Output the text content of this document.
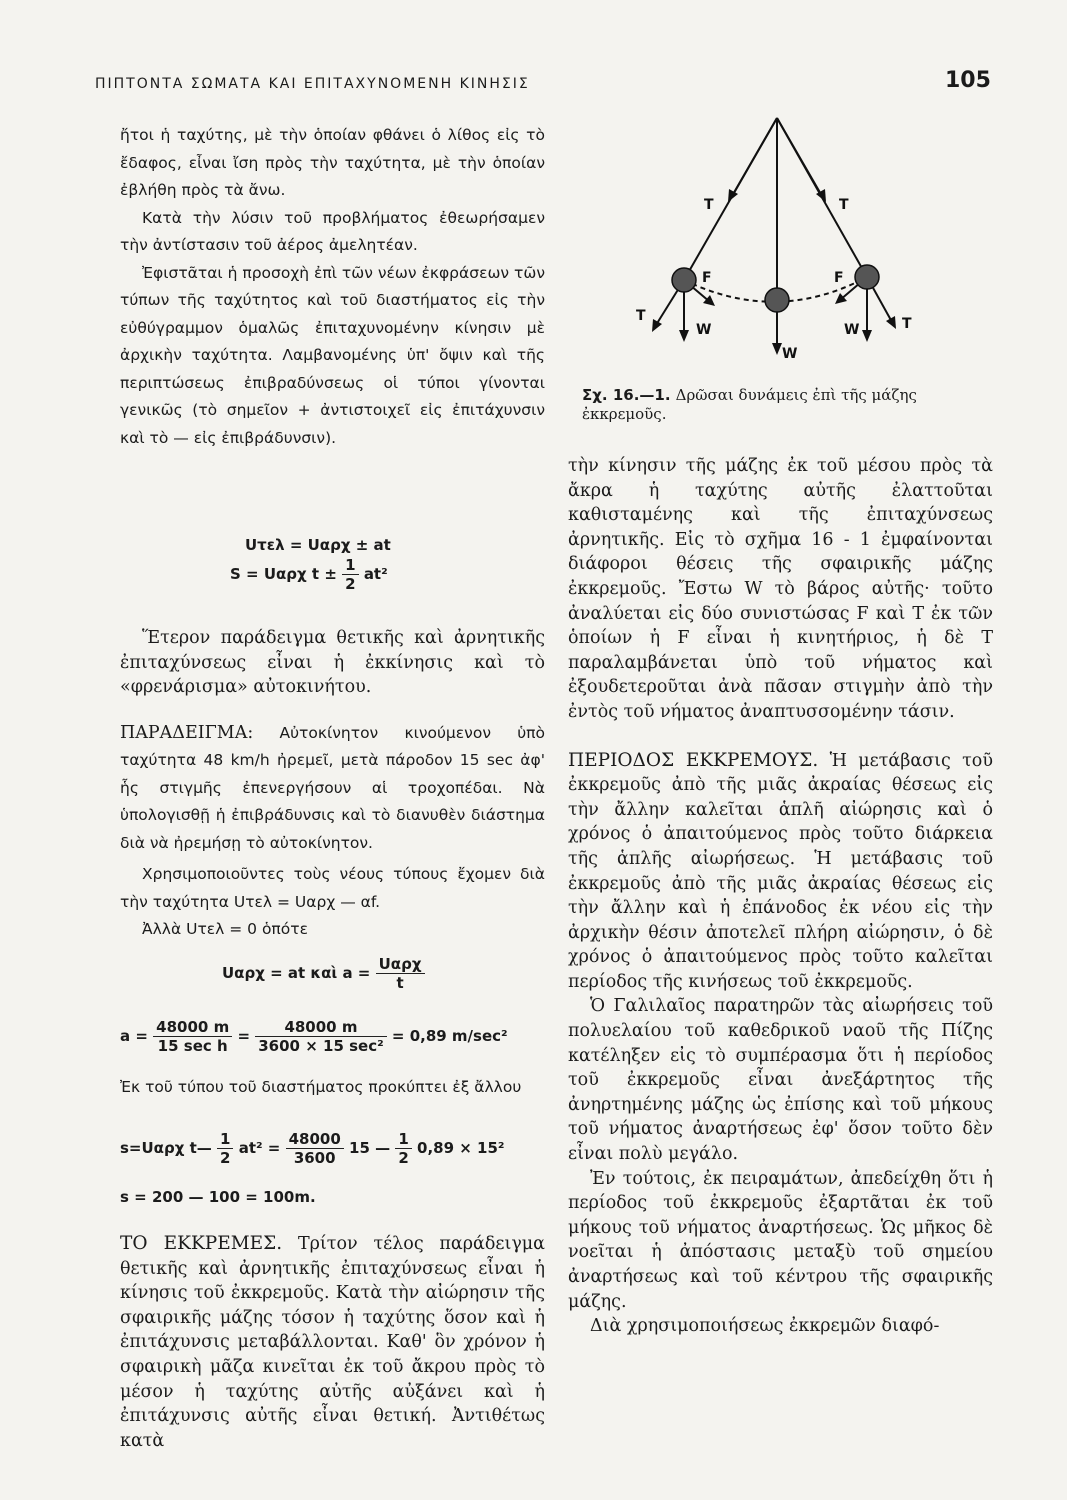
ΠΙΠΤΟΝΤΑ ΣΩΜΑΤΑ ΚΑΙ ΕΠΙΤΑΧΥΝΟΜΕΝΗ ΚΙΝΗΣΙΣ	105

ἤτοι ἡ ταχύτης, μὲ τὴν ὁποίαν φθάνει ὁ λίθος εἰς τὸ ἔδαφος, εἶναι ἴση πρὸς τὴν ταχύτητα, μὲ τὴν ὁποίαν ἐβλήθη πρὸς τὰ ἄνω.

Κατὰ τὴν λύσιν τοῦ προβλήματος ἐθεωρήσαμεν τὴν ἀντίστασιν τοῦ ἀέρος ἀμελητέαν.

Ἐφιστᾶται ἡ προσοχὴ ἐπὶ τῶν νέων ἐκφράσεων τῶν τύπων τῆς ταχύτητος καὶ τοῦ διαστήματος εἰς τὴν εὐθύγραμμον ὁμαλῶς ἐπιταχυνομένην κίνησιν μὲ ἀρχικὴν ταχύτητα. Λαμβανομένης ὑπ' ὄψιν καὶ τῆς περιπτώσεως ἐπιβραδύνσεως οἱ τύποι γίνονται γενικῶς (τὸ σημεῖον + ἀντιστοιχεῖ εἰς ἐπιτάχυνσιν καὶ τὸ — εἰς ἐπιβράδυνσιν).

Uτελ = Uαρχ ± at
S = Uαρχ $t \pm \frac{1}{2} at^2$

Ἕτερον παράδειγμα θετικῆς καὶ ἀρνητικῆς ἐπιταχύνσεως εἶναι ἡ ἐκκίνησις καὶ τὸ «φρενάρισμα» αὐτοκινήτου.

ΠΑΡΑΔΕΙΓΜΑ: Αὐτοκίνητον κινούμενον ὑπὸ ταχύτητα 48 km/h ἠρεμεῖ, μετὰ πάροδον 15 sec ἀφ' ἧς στιγμῆς ἐπενεργήσουν αἱ τροχοπέδαι. Νὰ ὑπολογισθῇ ἡ ἐπιβράδυνσις καὶ τὸ διανυθὲν διάστημα διὰ νὰ ἠρεμήσῃ τὸ αὐτοκίνητον.

Χρησιμοποιοῦντες τοὺς νέους τύπους ἔχομεν διὰ τὴν ταχύτητα Uτελ = Uαρχ — αf.

Ἀλλὰ Uτελ = 0 ὁπότε

Uαρχ = at καὶ $a = \frac{\text{Uαρχ}}{t}$
$a = \frac{48000 m}{\text{15 sec h}} = \frac{48000 m}{\text{3600 × 15 sec²}} = 0,89$ m/sec²

Ἐκ τοῦ τύπου τοῦ διαστήματος προκύπτει ἐξ ἄλλου

s=Uαρχ t— $\frac{1}{2} at^2 = \frac{48000}{3600} 15$ — $\frac{1}{2} 0,89 \times 15^2$
s = 200 — 100 = 100m.

ΤΟ ΕΚΚΡΕΜΕΣ. Τρίτον τέλος παράδειγμα θετικῆς καὶ ἀρνητικῆς ἐπιταχύνσεως εἶναι ἡ κίνησις τοῦ ἐκκρεμοῦς. Κατὰ τὴν αἰώρησιν τῆς σφαιρικῆς μάζης τόσον ἡ ταχύτης ὅσον καὶ ἡ ἐπιτάχυνσις μεταβάλλονται. Καθ' ὃν χρόνον ἡ σφαιρικὴ μᾶζα κινεῖται ἐκ τοῦ ἄκρου πρὸς τὸ μέσον ἡ ταχύτης αὐτῆς αὐξάνει καὶ ἡ ἐπιτάχυνσις αὐτῆς εἶναι θετική. Ἀντιθέτως κατὰ

T	T
F	F
T	T
W	W
W
Σχ. 16.—1. Δρῶσαι δυνάμεις ἐπὶ τῆς μάζης ἐκκρεμοῦς.

τὴν κίνησιν τῆς μάζης ἐκ τοῦ μέσου πρὸς τὰ ἄκρα ἡ ταχύτης αὐτῆς ἐλαττοῦται καθισταμένης καὶ τῆς ἐπιταχύνσεως ἀρνητικῆς. Εἰς τὸ σχῆμα 16 - 1 ἐμφαίνονται διάφοροι θέσεις τῆς σφαιρικῆς μάζης ἐκκρεμοῦς. Ἔστω W τὸ βάρος αὐτῆς· τοῦτο ἀναλύεται εἰς δύο συνιστώσας F καὶ T ἐκ τῶν ὁποίων ἡ F εἶναι ἡ κινητήριος, ἡ δὲ T παραλαμβάνεται ὑπὸ τοῦ νήματος καὶ ἐξουδετεροῦται ἀνὰ πᾶσαν στιγμὴν ἀπὸ τὴν ἐντὸς τοῦ νήματος ἀναπτυσσομένην τάσιν.

ΠΕΡΙΟΔΟΣ ΕΚΚΡΕΜΟΥΣ. Ἡ μετάβασις τοῦ ἐκκρεμοῦς ἀπὸ τῆς μιᾶς ἀκραίας θέσεως εἰς τὴν ἄλλην καλεῖται ἁπλῆ αἰώρησις καὶ ὁ χρόνος ὁ ἀπαιτούμενος πρὸς τοῦτο διάρκεια τῆς ἁπλῆς αἰωρήσεως. Ἡ μετάβασις τοῦ ἐκκρεμοῦς ἀπὸ τῆς μιᾶς ἀκραίας θέσεως εἰς τὴν ἄλλην καὶ ἡ ἐπάνοδος ἐκ νέου εἰς τὴν ἀρχικὴν θέσιν ἀποτελεῖ πλήρη αἰώρησιν, ὁ δὲ χρόνος ὁ ἀπαιτούμενος πρὸς τοῦτο καλεῖται περίοδος τῆς κινήσεως τοῦ ἐκκρεμοῦς.

Ὁ Γαλιλαῖος παρατηρῶν τὰς αἰωρήσεις τοῦ πολυελαίου τοῦ καθεδρικοῦ ναοῦ τῆς Πίζης κατέληξεν εἰς τὸ συμπέρασμα ὅτι ἡ περίοδος τοῦ ἐκκρεμοῦς εἶναι ἀνεξάρτητος τῆς ἀνηρτημένης μάζης ὡς ἐπίσης καὶ τοῦ μήκους τοῦ νήματος ἀναρτήσεως ἐφ' ὅσον τοῦτο δὲν εἶναι πολὺ μεγάλο.

Ἐν τούτοις, ἐκ πειραμάτων, ἀπεδείχθη ὅτι ἡ περίοδος τοῦ ἐκκρεμοῦς ἐξαρτᾶται ἐκ τοῦ μήκους τοῦ νήματος ἀναρτήσεως. Ὡς μῆκος δὲ νοεῖται ἡ ἀπόστασις μεταξὺ τοῦ σημείου ἀναρτήσεως καὶ τοῦ κέντρου τῆς σφαιρικῆς μάζης.

Διὰ χρησιμοποιήσεως ἐκκρεμῶν διαφό-
